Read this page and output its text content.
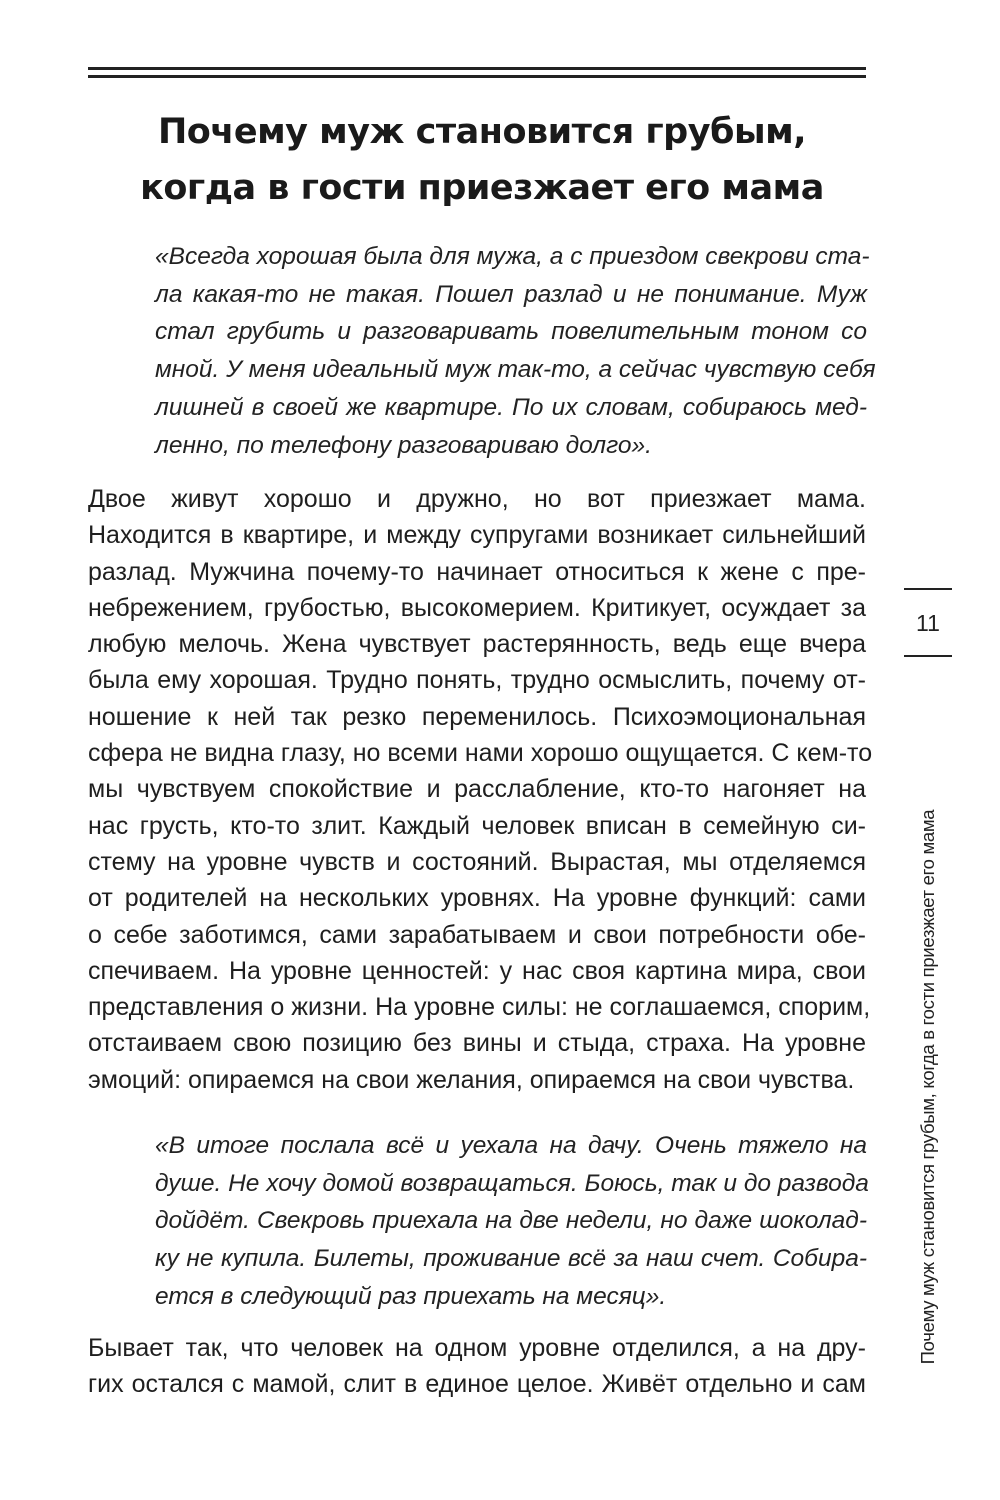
Почему муж становится грубым,
когда в гости приезжает его мама
«Всегда хорошая была для мужа, а с приездом свекрови ста-
ла какая-то не такая. Пошел разлад и не понимание. Муж
стал грубить и разговаривать повелительным тоном со
мной. У меня идеальный муж так-то, а сейчас чувствую себя
лишней в своей же квартире. По их словам, собираюсь мед-
ленно, по телефону разговариваю долго».
Двое живут хорошо и дружно, но вот приезжает мама.
Находится в квартире, и между супругами возникает сильнейший
разлад. Мужчина почему-то начинает относиться к жене с пре-
небрежением, грубостью, высокомерием. Критикует, осуждает за
любую мелочь. Жена чувствует растерянность, ведь еще вчера
была ему хорошая. Трудно понять, трудно осмыслить, почему от-
ношение к ней так резко переменилось. Психоэмоциональная
сфера не видна глазу, но всеми нами хорошо ощущается. С кем-то
мы чувствуем спокойствие и расслабление, кто-то нагоняет на
нас грусть, кто-то злит. Каждый человек вписан в семейную си-
стему на уровне чувств и состояний. Вырастая, мы отделяемся
от родителей на нескольких уровнях. На уровне функций: сами
о себе заботимся, сами зарабатываем и свои потребности обе-
спечиваем. На уровне ценностей: у нас своя картина мира, свои
представления о жизни. На уровне силы: не соглашаемся, спорим,
отстаиваем свою позицию без вины и стыда, страха. На уровне
эмоций: опираемся на свои желания, опираемся на свои чувства.
«В итоге послала всё и уехала на дачу. Очень тяжело на
душе. Не хочу домой возвращаться. Боюсь, так и до развода
дойдёт. Свекровь приехала на две недели, но даже шоколад-
ку не купила. Билеты, проживание всё за наш счет. Собира-
ется в следующий раз приехать на месяц».
Бывает так, что человек на одном уровне отделился, а на дру-
гих остался с мамой, слит в единое целое. Живёт отдельно и сам
11
Почему муж становится грубым, когда в гости приезжает его мама
